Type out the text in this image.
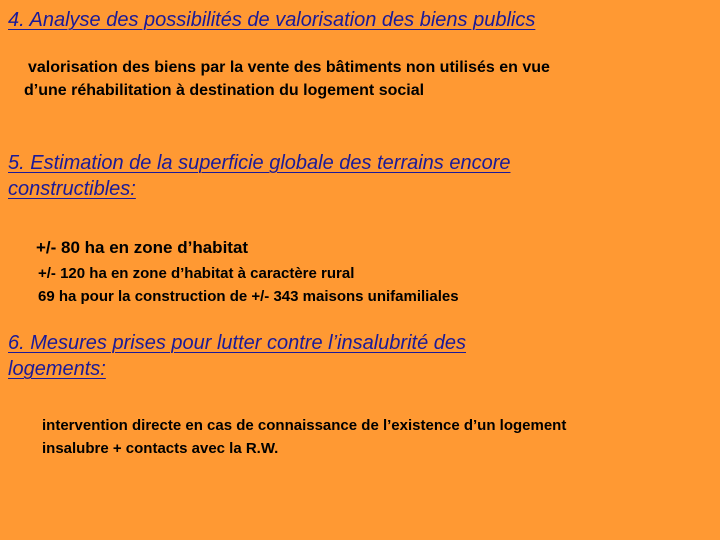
4. Analyse des possibilités de valorisation des biens publics
valorisation des biens par la vente des bâtiments non utilisés en vue
d’une réhabilitation à destination du logement social
5. Estimation de la superficie globale des terrains encore
constructibles:
+/- 80 ha en zone d’habitat
+/- 120 ha en zone d’habitat à caractère rural
69 ha pour la construction de +/- 343 maisons unifamiliales
6. Mesures prises pour lutter contre l’insalubrité des
logements:
intervention directe en cas de connaissance de l’existence d’un logement
insalubre + contacts avec la R.W.
